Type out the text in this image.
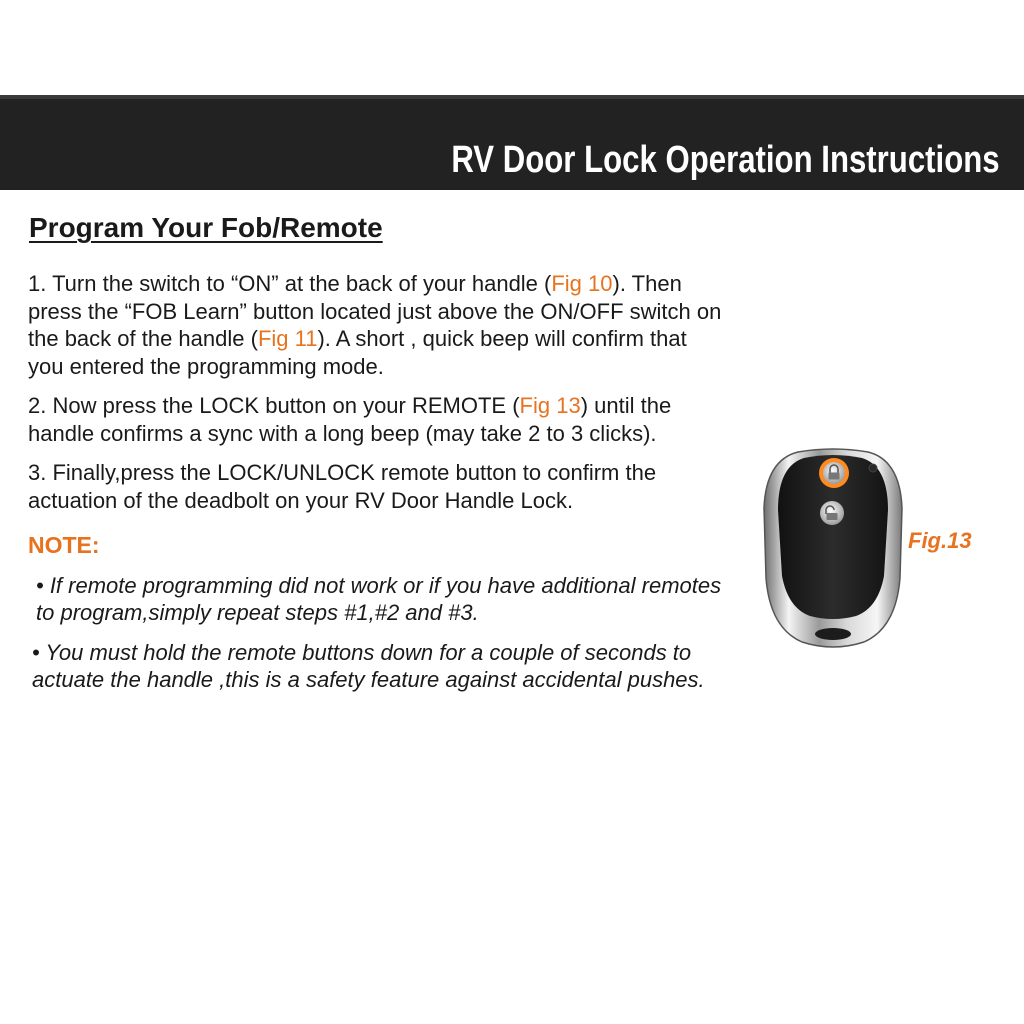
RV Door Lock Operation Instructions
Program Your Fob/Remote

1. Turn the switch to “ON” at the back of your handle (Fig 10). Then press the “FOB Learn” button located just above the ON/OFF switch on the back of the handle (Fig 11). A short , quick beep will confirm that you entered the programming mode.

2. Now press the LOCK button on your REMOTE (Fig 13) until the handle confirms a sync with a long beep (may take 2 to 3 clicks).

3. Finally,press the LOCK/UNLOCK remote button to confirm the actuation of the deadbolt on your RV Door Handle Lock.

NOTE:

• If remote programming did not work or if you have additional remotes to program,simply repeat steps #1,#2 and #3.

• You must hold the remote buttons down for a couple of seconds to actuate the handle ,this is a safety feature against accidental pushes.

Fig.13
